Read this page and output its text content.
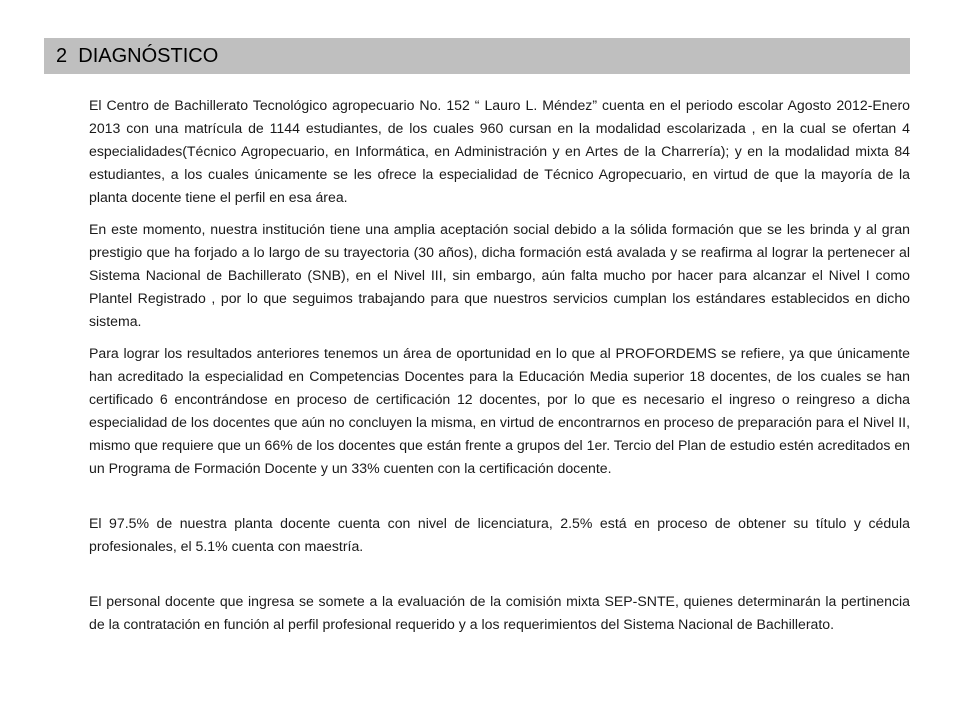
2
DIAGNÓSTICO

El Centro de Bachillerato Tecnológico agropecuario No. 152 “ Lauro L. Méndez” cuenta en el periodo escolar Agosto 2012-Enero 2013 con una matrícula de 1144 estudiantes, de los cuales 960 cursan en la modalidad escolarizada , en la cual se ofertan 4 especialidades(Técnico Agropecuario, en Informática, en Administración y en Artes de la Charrería); y en la modalidad mixta 84 estudiantes, a los cuales únicamente se les ofrece la especialidad de Técnico Agropecuario, en virtud de que la mayoría de la planta docente tiene el perfil en esa área.

En este momento, nuestra institución tiene una amplia aceptación social debido a la sólida formación que se les brinda y al gran prestigio que ha forjado a lo largo de su trayectoria (30 años), dicha formación está avalada y se reafirma al lograr la pertenecer al Sistema Nacional de Bachillerato (SNB), en el Nivel III, sin embargo, aún falta mucho por hacer para alcanzar el Nivel I como Plantel Registrado , por lo que seguimos trabajando para que nuestros servicios cumplan los estándares establecidos en dicho sistema.

Para lograr los resultados anteriores tenemos un área de oportunidad en lo que al PROFORDEMS se refiere, ya que únicamente han acreditado la especialidad en Competencias Docentes para la Educación Media superior 18 docentes, de los cuales se han certificado 6 encontrándose en proceso de certificación 12 docentes, por lo que es necesario el ingreso o reingreso a dicha especialidad de los docentes que aún no concluyen la misma, en virtud de encontrarnos en proceso de preparación para el Nivel II, mismo que requiere que un 66% de los docentes que están frente a grupos del 1er. Tercio del Plan de estudio estén acreditados en un Programa de Formación Docente y un 33% cuenten con la certificación docente.

El 97.5% de nuestra planta docente cuenta con nivel de licenciatura, 2.5% está en proceso de obtener su título y cédula profesionales, el 5.1% cuenta con maestría.

El personal docente que ingresa se somete a la evaluación de la comisión mixta SEP-SNTE, quienes determinarán la pertinencia de la contratación en función al perfil profesional requerido y a los requerimientos del Sistema Nacional de Bachillerato.
